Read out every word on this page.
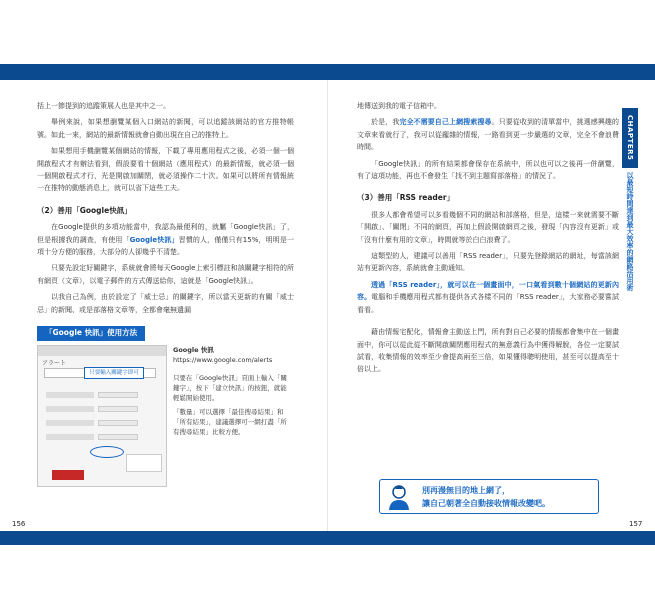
括上一節提到的追蹤策展人也是其中之一。

舉例來說，如果想瀏覽某個入口網站的新聞，可以追蹤該網站的官方推特帳號。如此一來，網站的最新情報就會自動出現在自己的推特上。

如果想用手機瀏覽某個網站的情報，下載了專用應用程式之後，必須一個一個開啟程式才有辦法看到，假設要看十個網站（應用程式）的最新情報，就必須一個一個開啟程式才行，光是開啟加關閉，就必須操作二十次。如果可以將所有情報統一在推特的動態消息上，就可以省下這些工夫。

（2）善用「Google快訊」

在Google提供的多項功能當中，我認為最便利的，就屬「Google快訊」了，但是根據我的調查，有使用「Google快訊」習慣的人，僅僅只有15%，明明是一項十分方便的服務，大部分的人卻幾乎不清楚。

只要先設定好關鍵字，系統就會將每天Google上索引標註和該關鍵字相符的所有網頁（文章），以電子郵件的方式傳送給你，這就是「Google快訊」。

以我自己為例，由於設定了「威士忌」的關鍵字，所以當天更新的有關「威士忌」的新聞、或是部落格文章等，全都會毫無遺漏

「Google 快訊」使用方法
アラート
只要輸入關鍵字即可
Google 快訊
https://www.google.com/alerts
只要在「Google快訊」頁面上輸入「關鍵字」，按下「建立快訊」的按鈕，就能輕鬆開始使用。
「數量」可以選擇「最佳搜尋結果」和「所有結果」，建議選擇可一網打盡「所有搜尋結果」比較方便。

地傳送到我的電子信箱中。

於是，我完全不需要自己上網搜索搜尋。只要從收到的清單當中，挑選感興趣的文章來看就行了，我可以從龐雜的情報，一路看到更一步嚴選的文章，完全不會浪費時間。

「Google快訊」的所有結果都會保存在系統中，所以也可以之後再一併瀏覽，有了這項功能，再也不會發生「找不到主題寫部落格」的情況了。

（3）善用「RSS reader」

很多人都會希望可以多看幾個不同的網站和部落格，但是，這樣一來就需要不斷「開啟」、「關閉」不同的網頁，再加上假設開啟網頁之後，發現「內容沒有更新」或「沒有什麼有用的文章」，時間就等於白白浪費了。

這類型的人，建議可以善用「RSS reader」，只要先登錄網站的網址，每當該網站有更新內容，系統就會主動通知。

透過「RSS reader」，就可以在一個畫面中，一口氣看到數十個網站的更新內容。電腦和手機應用程式都有提供各式各樣不同的「RSS reader」，大家務必要嘗試看看。

藉由情報宅配化，情報會主動送上門，所有對自己必要的情報都會集中在一個畫面中，你可以從此從不斷開啟關閉應用程式的無意義行為中獲得解脫，各位一定要試試看，收集情報的效率至少會提高兩至三倍，如果懂得聰明使用，甚至可以提高至十倍以上。

CHAPTER5
以最短時間達到最大效率的網路活用術
別再漫無目的地上網了，
讓自己朝著全自動接收情報改變吧。
156	157
